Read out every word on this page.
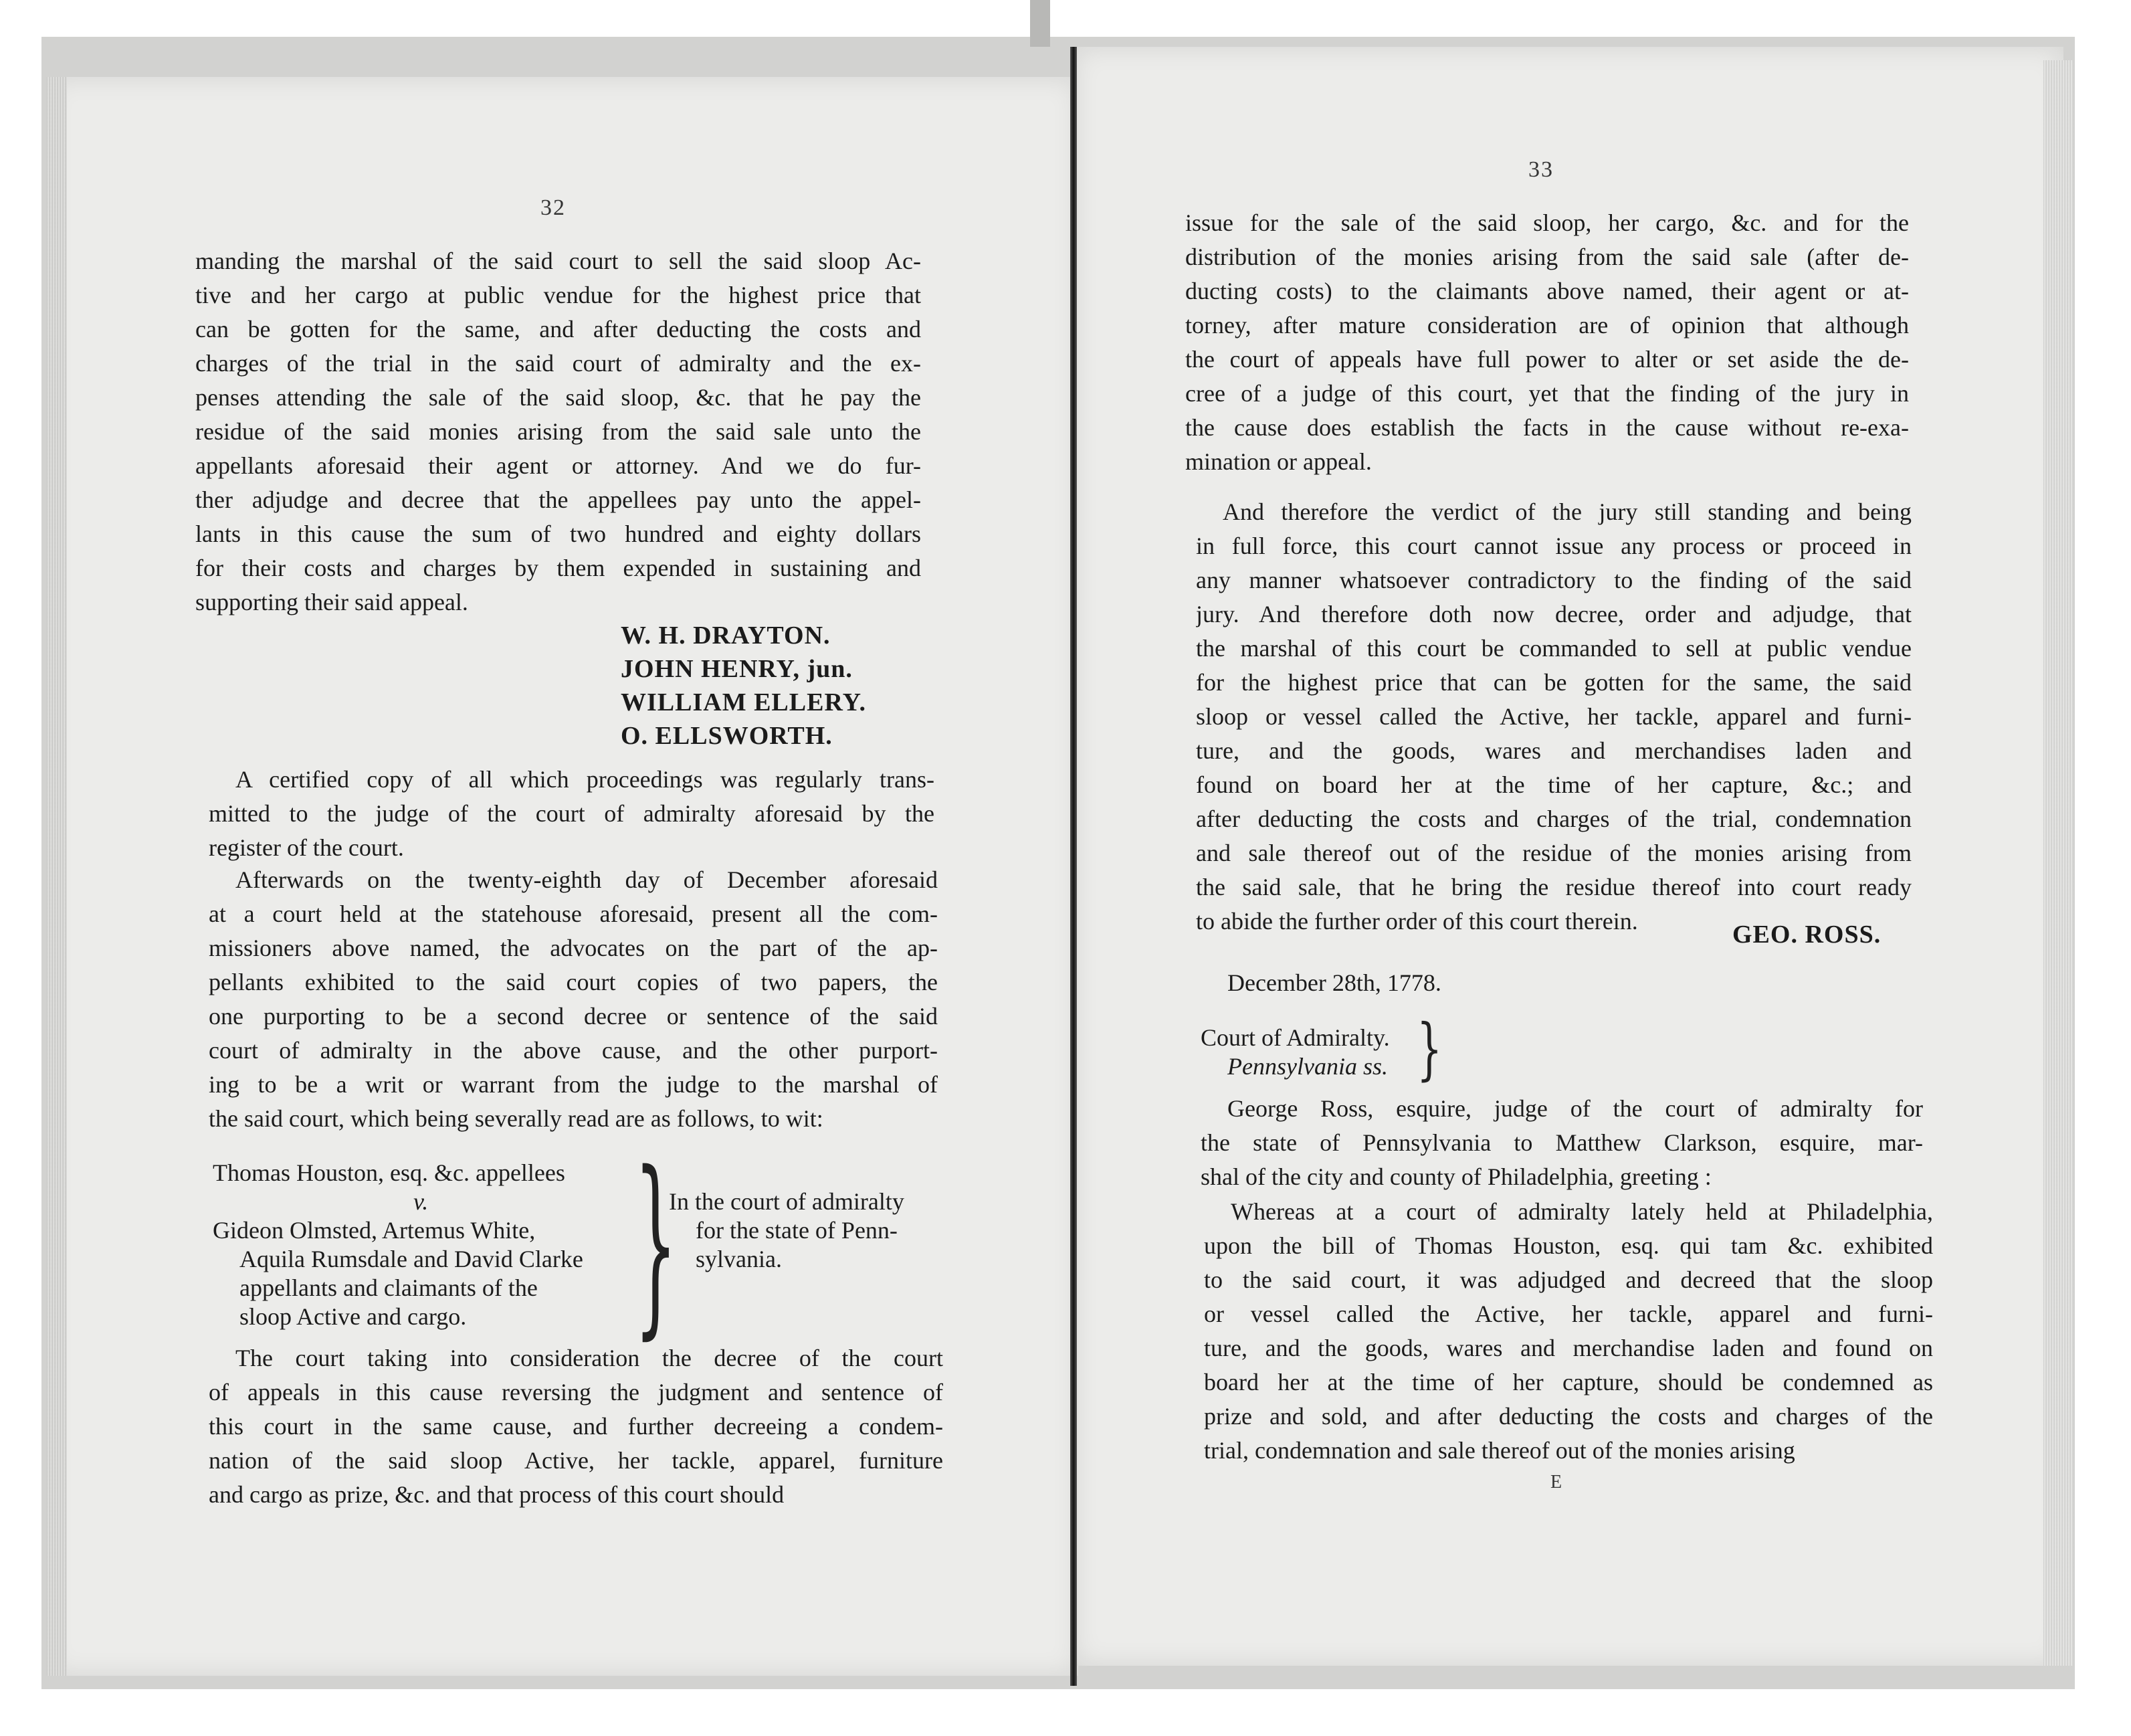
32
manding the marshal of the said court to sell the said sloop Ac-
tive and her cargo at public vendue for the highest price that
can be gotten for the same, and after deducting the costs and
charges of the trial in the said court of admiralty and the ex-
penses attending the sale of the said sloop, &c. that he pay the
residue of the said monies arising from the said sale unto the
appellants aforesaid their agent or attorney. And we do fur-
ther adjudge and decree that the appellees pay unto the appel-
lants in this cause the sum of two hundred and eighty dollars
for their costs and charges by them expended in sustaining and
supporting their said appeal.
W. H. DRAYTON.
JOHN HENRY, jun.
WILLIAM ELLERY.
O. ELLSWORTH.
A certified copy of all which proceedings was regularly trans-
mitted to the judge of the court of admiralty aforesaid by the
register of the court.
Afterwards on the twenty-eighth day of December aforesaid
at a court held at the statehouse aforesaid, present all the com-
missioners above named, the advocates on the part of the ap-
pellants exhibited to the said court copies of two papers, the
one purporting to be a second decree or sentence of the said
court of admiralty in the above cause, and the other purport-
ing to be a writ or warrant from the judge to the marshal of
the said court, which being severally read are as follows, to wit:
Thomas Houston, esq. &c. appellees
v.
Gideon Olmsted, Artemus White,
Aquila Rumsdale and David Clarke
appellants and claimants of the
sloop Active and cargo. }
In the court of admiralty
for the state of Penn-
sylvania.
The court taking into consideration the decree of the court
of appeals in this cause reversing the judgment and sentence of
this court in the same cause, and further decreeing a condem-
nation of the said sloop Active, her tackle, apparel, furniture
and cargo as prize, &c. and that process of this court should
33
issue for the sale of the said sloop, her cargo, &c. and for the
distribution of the monies arising from the said sale (after de-
ducting costs) to the claimants above named, their agent or at-
torney, after mature consideration are of opinion that although
the court of appeals have full power to alter or set aside the de-
cree of a judge of this court, yet that the finding of the jury in
the cause does establish the facts in the cause without re-exa-
mination or appeal.
And therefore the verdict of the jury still standing and being
in full force, this court cannot issue any process or proceed in
any manner whatsoever contradictory to the finding of the said
jury. And therefore doth now decree, order and adjudge, that
the marshal of this court be commanded to sell at public vendue
for the highest price that can be gotten for the same, the said
sloop or vessel called the Active, her tackle, apparel and furni-
ture, and the goods, wares and merchandises laden and
found on board her at the time of her capture, &c.; and
after deducting the costs and charges of the trial, condemnation
and sale thereof out of the residue of the monies arising from
the said sale, that he bring the residue thereof into court ready
to abide the further order of this court therein.	GEO. ROSS.
December 28th, 1778.
Court of Admiralty.
Pennsylvania ss. }
George Ross, esquire, judge of the court of admiralty for
the state of Pennsylvania to Matthew Clarkson, esquire, mar-
shal of the city and county of Philadelphia, greeting :
Whereas at a court of admiralty lately held at Philadelphia,
upon the bill of Thomas Houston, esq. qui tam &c. exhibited
to the said court, it was adjudged and decreed that the sloop
or vessel called the Active, her tackle, apparel and furni-
ture, and the goods, wares and merchandise laden and found on
board her at the time of her capture, should be condemned as
prize and sold, and after deducting the costs and charges of the
trial, condemnation and sale thereof out of the monies arising
E
